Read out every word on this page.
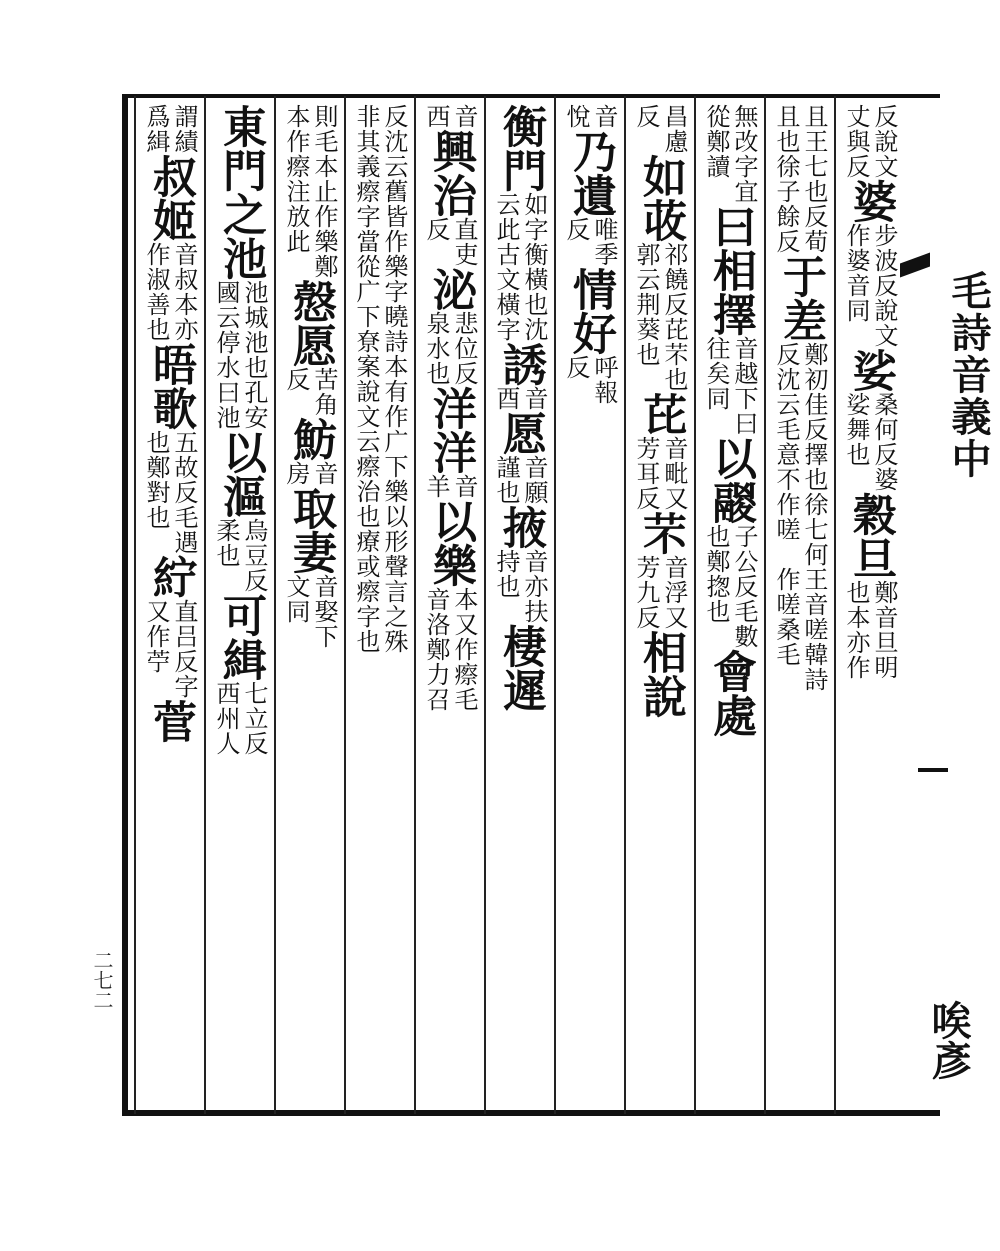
毛詩音義中
二七二
唉彥
反說文
丈與反
婆
步波反說文
作婆音同
娑
桑何反婆
娑舞也
穀旦
鄭音旦明
也本亦作
且王七也反荀
且也徐子餘反
于差
鄭初佳反擇也徐七何
反沈云毛意不作嗟
王音嗟韓詩
作嗟桑毛
無改字宜
從鄭讀
曰相擇
音越下曰
往矣同
以鬷
子公反毛數
也鄭揔也
會
處
昌慮
反
如荍
祁饒反芘芣也
郭云荆葵也
芘
音毗又
芳耳反
芣
音浮又
芳九反
相說
音
悅
乃遺
唯季
反
情好
呼報
反
衡門
如字衡橫也沈
云此古文橫字
誘
音
酉
愿
音願
謹也
掖
音亦扶
持也
棲遲
音
西
興治
直吏
反
泌
悲位反
泉水也
洋洋
音
羊
以樂
本又作瘵毛
音洛鄭力召
反沈云舊皆作樂字曉詩本有作广下樂以形聲言之殊
非其義瘵字當從广下尞案說文云瘵治也療或瘵字也
則毛本止作樂鄭
本作瘵注放此
慤愿
苦角
反
魴
音
房
取妻
音娶下
文同
東門之池
池城池也孔安
國云停水曰池
以漚
烏豆反
柔也
可緝
七立反
西州人
謂績
爲緝
叔姬
音叔本亦
作淑善也
晤歌
五故反毛遇
也鄭對也
紵
直吕反字
又作苧
菅
